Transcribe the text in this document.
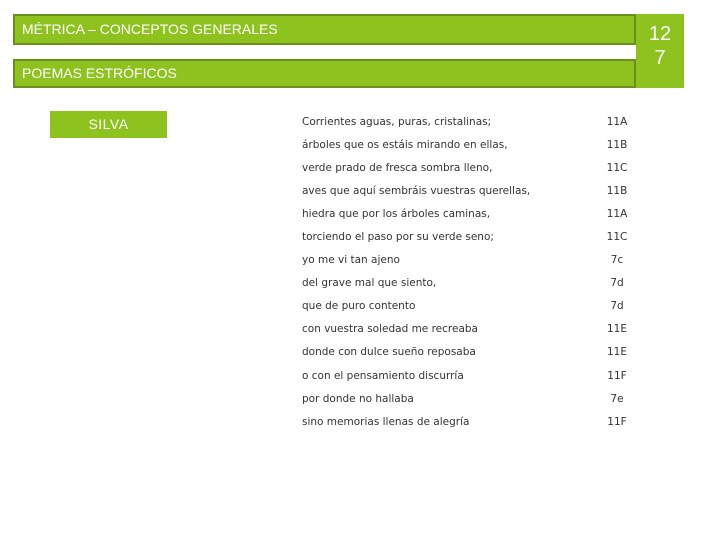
MÉTRICA – CONCEPTOS GENERALES	12
7
POEMAS ESTRÓFICOS
SILVA	Corrientes aguas, puras, cristalinas;	11A
árboles que os estáis mirando en ellas,	11B
verde prado de fresca sombra lleno,	11C
aves que aquí sembráis vuestras querellas,	11B
hiedra que por los árboles caminas,	11A
torciendo el paso por su verde seno;	11C
yo me vi tan ajeno	7c
del grave mal que siento,	7d
que de puro contento	7d
con vuestra soledad me recreaba	11E
donde con dulce sueño reposaba	11E
o con el pensamiento discurría	11F
por donde no hallaba	7e
sino memorias llenas de alegría	11F
